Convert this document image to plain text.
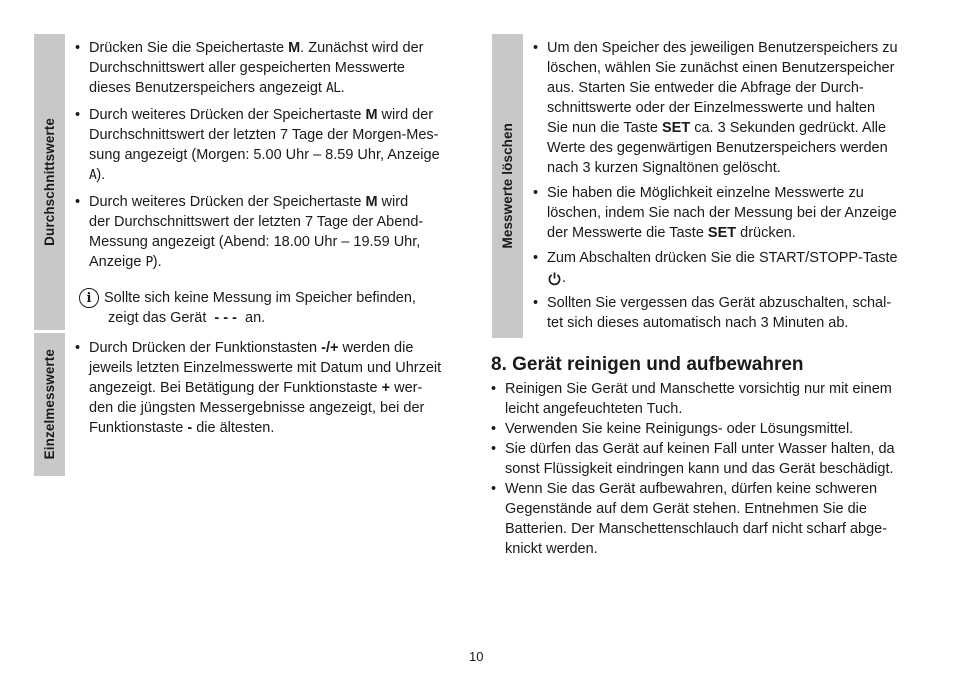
Durchschnittswerte
Einzelmesswerte
Messwerte löschen
• Drücken Sie die Speichertaste M. Zunächst wird der
Durchschnittswert aller gespeicherten Messwerte
dieses Benutzerspeichers angezeigt AL.
• Durch weiteres Drücken der Speichertaste M wird der
Durchschnittswert der letzten 7 Tage der Morgen-Mes-
sung angezeigt (Morgen: 5.00 Uhr – 8.59 Uhr, Anzeige
A).
• Durch weiteres Drücken der Speichertaste M wird
der Durchschnittswert der letzten 7 Tage der Abend-
Messung angezeigt (Abend: 18.00 Uhr – 19.59 Uhr,
Anzeige P).
i Sollte sich keine Messung im Speicher befinden,
zeigt das Gerät  - - -  an.
• Durch Drücken der Funktionstasten -/+ werden die
jeweils letzten Einzelmesswerte mit Datum und Uhrzeit
angezeigt. Bei Betätigung der Funktionstaste + wer-
den die jüngsten Messergebnisse angezeigt, bei der
Funktionstaste - die ältesten.
• Um den Speicher des jeweiligen Benutzerspeichers zu
löschen, wählen Sie zunächst einen Benutzerspeicher
aus. Starten Sie entweder die Abfrage der Durch-
schnittswerte oder der Einzelmesswerte und halten
Sie nun die Taste SET ca. 3 Sekunden gedrückt. Alle
Werte des gegenwärtigen Benutzerspeichers werden
nach 3 kurzen Signaltönen gelöscht.
• Sie haben die Möglichkeit einzelne Messwerte zu
löschen, indem Sie nach der Messung bei der Anzeige
der Messwerte die Taste SET drücken.
• Zum Abschalten drücken Sie die START/STOPP-Taste
.
• Sollten Sie vergessen das Gerät abzuschalten, schal-
tet sich dieses automatisch nach 3 Minuten ab.
8. Gerät reinigen und aufbewahren
• Reinigen Sie Gerät und Manschette vorsichtig nur mit einem
leicht angefeuchteten Tuch.
• Verwenden Sie keine Reinigungs- oder Lösungsmittel.
• Sie dürfen das Gerät auf keinen Fall unter Wasser halten, da
sonst Flüssigkeit eindringen kann und das Gerät beschädigt.
• Wenn Sie das Gerät aufbewahren, dürfen keine schweren
Gegenstände auf dem Gerät stehen. Entnehmen Sie die
Batterien. Der Manschettenschlauch darf nicht scharf abge-
knickt werden.
10
